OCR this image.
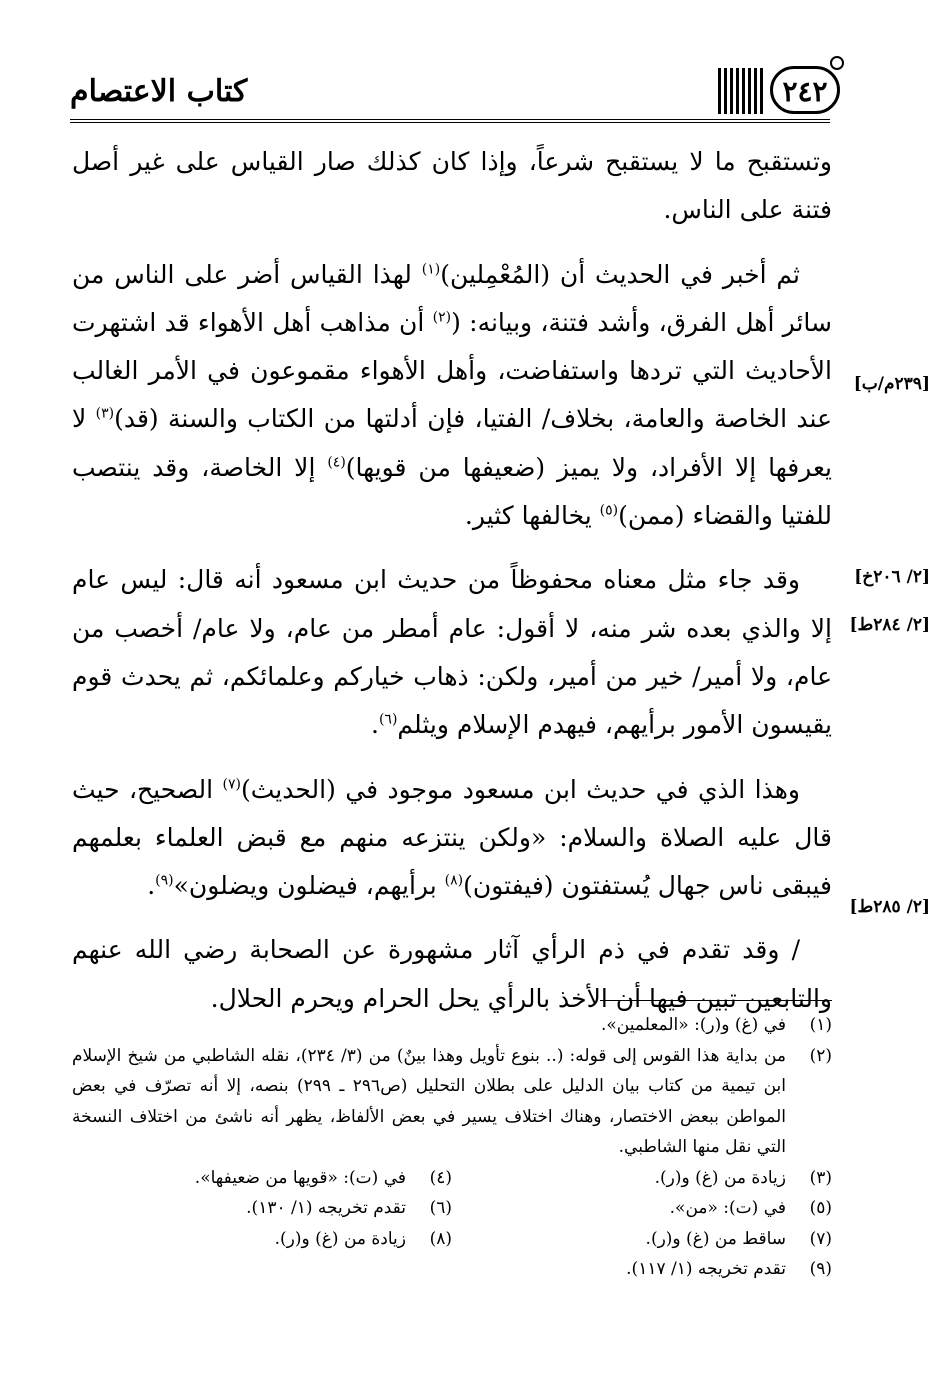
كتاب الاعتصام	٢٤٢

وتستقبح ما لا يستقبح شرعاً، وإذا كان كذلك صار القياس على غير أصل فتنة على الناس.

ثم أخبر في الحديث أن (المُعْمِلين)$^{(١)}$ لهذا القياس أضر على الناس من سائر أهل الفرق، وأشد فتنة، وبيانه: ($^{(٢)}$ أن مذاهب أهل الأهواء قد اشتهرت الأحاديث التي تردها واستفاضت، وأهل الأهواء مقموعون في الأمر الغالب عند الخاصة والعامة، بخلاف/ الفتيا، فإن أدلتها من الكتاب والسنة (قد)$^{(٣)}$ لا يعرفها إلا الأفراد، ولا يميز (ضعيفها من قويها)$^{(٤)}$ إلا الخاصة، وقد ينتصب للفتيا والقضاء (ممن)$^{(٥)}$ يخالفها كثير.

وقد جاء مثل معناه محفوظاً من حديث ابن مسعود أنه قال: ليس عام إلا والذي بعده شر منه، لا أقول: عام أمطر من عام، ولا عام/ أخصب من عام، ولا أمير/ خير من أمير، ولكن: ذهاب خياركم وعلمائكم، ثم يحدث قوم يقيسون الأمور برأيهم، فيهدم الإسلام ويثلم$^{(٦)}$.

وهذا الذي في حديث ابن مسعود موجود في (الحديث)$^{(٧)}$ الصحيح، حيث قال عليه الصلاة والسلام: «ولكن ينتزعه منهم مع قبض العلماء بعلمهم فيبقى ناس جهال يُستفتون (فيفتون)$^{(٨)}$ برأيهم، فيضلون ويضلون»$^{(٩)}$.

/ وقد تقدم في ذم الرأي آثار مشهورة عن الصحابة رضي الله عنهم والتابعين تبين فيها أن الأخذ بالرأي يحل الحرام ويحرم الحلال.

[٢٣٩م/ب]
[٢/ ٢٠٦خ]
[٢/ ٢٨٤ط]
[٢/ ٢٨٥ط]
(١)
في (غ) و(ر): «المعلمين».
(٢)
من بداية هذا القوس إلى قوله: (.. بنوع تأويل وهذا بينٌ) من (٣/ ٢٣٤)، نقله الشاطبي من شيخ الإسلام ابن تيمية من كتاب بيان الدليل على بطلان التحليل (ص٢٩٦ ـ ٢٩٩) بنصه، إلا أنه تصرّف في بعض المواطن ببعض الاختصار، وهناك اختلاف يسير في بعض الألفاظ، يظهر أنه ناشئ من اختلاف النسخة التي نقل منها الشاطبي.
(٣)
زيادة من (غ) و(ر).
(٤)
في (ت): «قويها من ضعيفها».
(٥)
في (ت): «من».
(٦)
تقدم تخريجه (١/ ١٣٠).
(٧)
ساقط من (غ) و(ر).
(٨)
زيادة من (غ) و(ر).
(٩)
تقدم تخريجه (١/ ١١٧).
